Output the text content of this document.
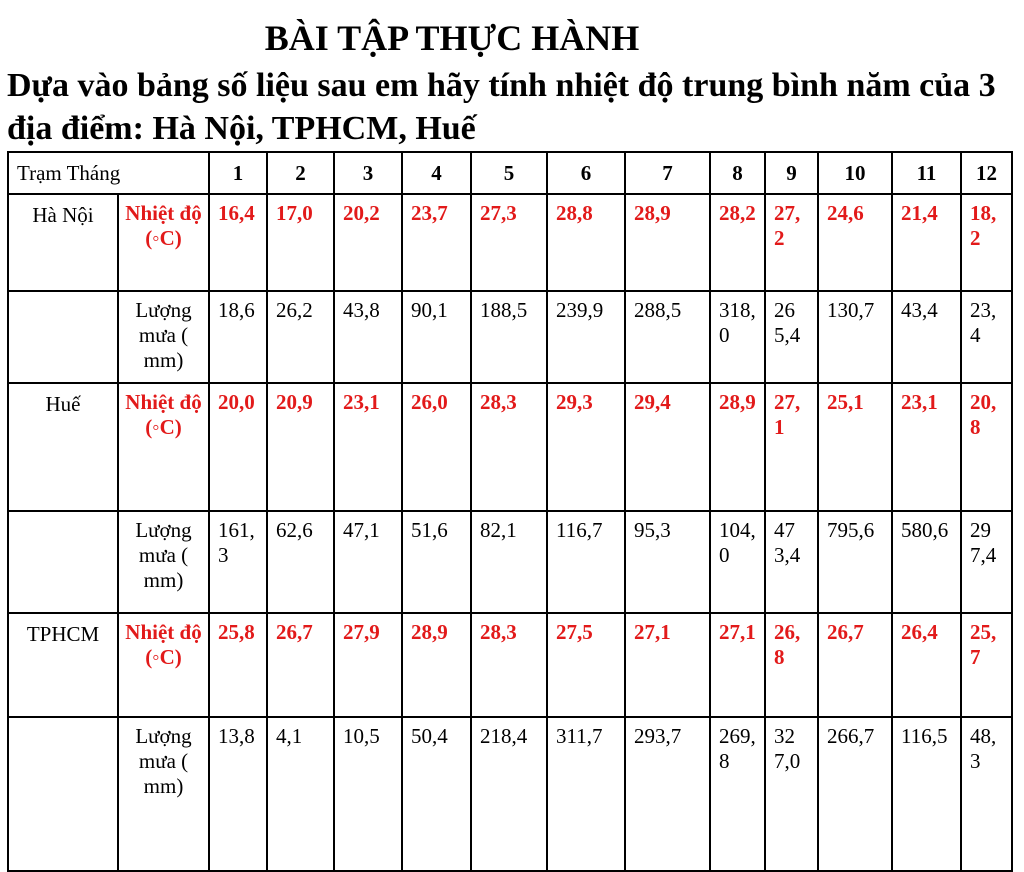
BÀI TẬP THỰC HÀNH
Dựa vào bảng số liệu sau em hãy tính nhiệt độ trung bình năm của 3 địa điểm: Hà Nội, TPHCM, Huế
Trạm Tháng		1	2	3	4	5	6	7	8	9	10	11	12
Hà Nội	Nhiệt độ (◦C)	16,4	17,0	20,2	23,7	27,3	28,8	28,9	28,2	27,2	24,6	21,4	18,2

	Lượng mưa ( mm)	18,6	26,2	43,8	90,1	188,5	239,9	288,5	318,0	265,4	130,7	43,4	23,4

Huế	Nhiệt độ (◦C)	20,0	20,9	23,1	26,0	28,3	29,3	29,4	28,9	27,1	25,1	23,1	20,8

	Lượng mưa ( mm)	161,3	62,6	47,1	51,6	82,1	116,7	95,3	104,0	473,4	795,6	580,6	297,4

TPHCM	Nhiệt độ (◦C)	25,8	26,7	27,9	28,9	28,3	27,5	27,1	27,1	26,8	26,7	26,4	25,7

	Lượng mưa ( mm)	13,8	4,1	10,5	50,4	218,4	311,7	293,7	269,8	327,0	266,7	116,5	48,3
